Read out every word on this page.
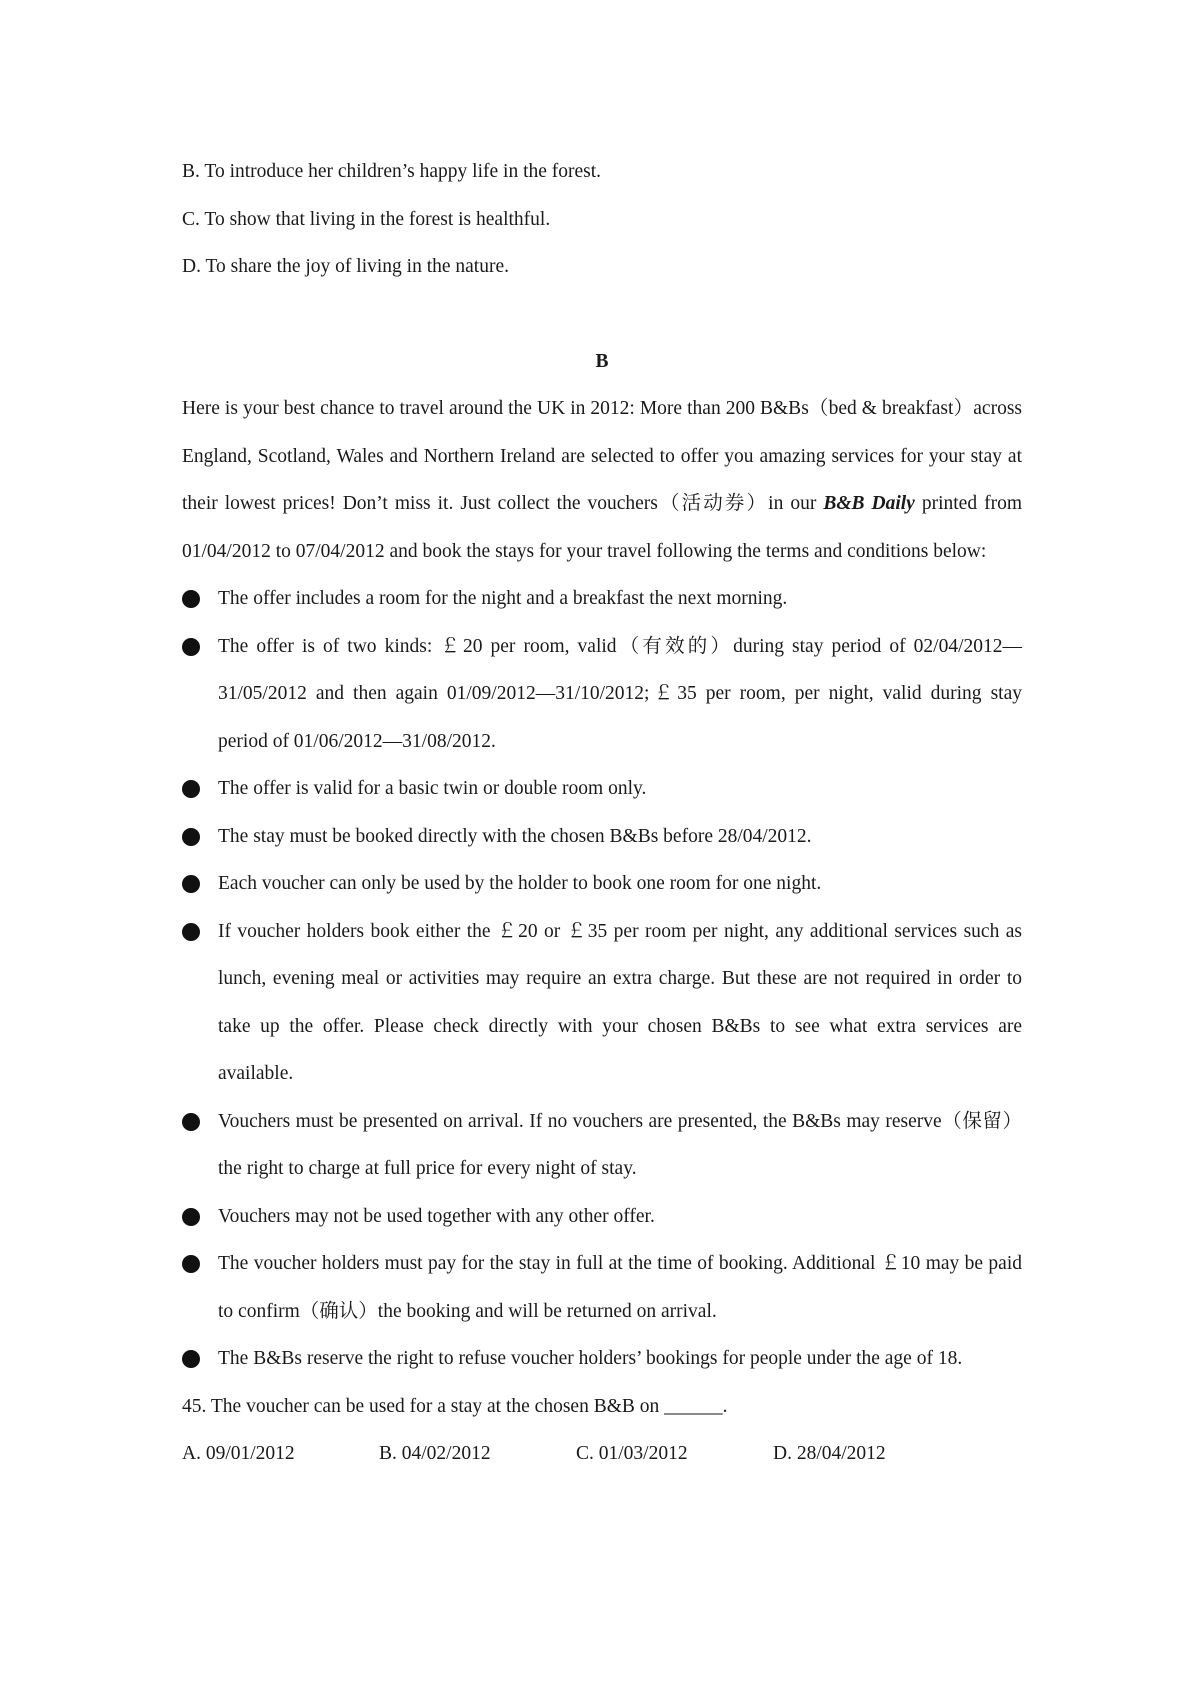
B. To introduce her children’s happy life in the forest.

C. To show that living in the forest is healthful.

D. To share the joy of living in the nature.

B

Here is your best chance to travel around the UK in 2012: More than 200 B&Bs（bed & breakfast）across England, Scotland, Wales and Northern Ireland are selected to offer you amazing services for your stay at their lowest prices! Don’t miss it. Just collect the vouchers（活动券）in our B&B Daily printed from 01/04/2012 to 07/04/2012 and book the stays for your travel following the terms and conditions below:

The offer includes a room for the night and a breakfast the next morning.
The offer is of two kinds: ￡20 per room, valid（有效的）during stay period of 02/04/2012—31/05/2012 and then again 01/09/2012—31/10/2012;￡35 per room, per night, valid during stay period of 01/06/2012—31/08/2012.
The offer is valid for a basic twin or double room only.
The stay must be booked directly with the chosen B&Bs before 28/04/2012.
Each voucher can only be used by the holder to book one room for one night.
If voucher holders book either the ￡20 or ￡35 per room per night, any additional services such as lunch, evening meal or activities may require an extra charge. But these are not required in order to take up the offer. Please check directly with your chosen B&Bs to see what extra services are available.
Vouchers must be presented on arrival. If no vouchers are presented, the B&Bs may reserve（保留）the right to charge at full price for every night of stay.
Vouchers may not be used together with any other offer.
The voucher holders must pay for the stay in full at the time of booking. Additional ￡10 may be paid to confirm（确认）the booking and will be returned on arrival.
The B&Bs reserve the right to refuse voucher holders’ bookings for people under the age of 18.

45. The voucher can be used for a stay at the chosen B&B on ______.

A. 09/01/2012	B. 04/02/2012	C. 01/03/2012	D. 28/04/2012
